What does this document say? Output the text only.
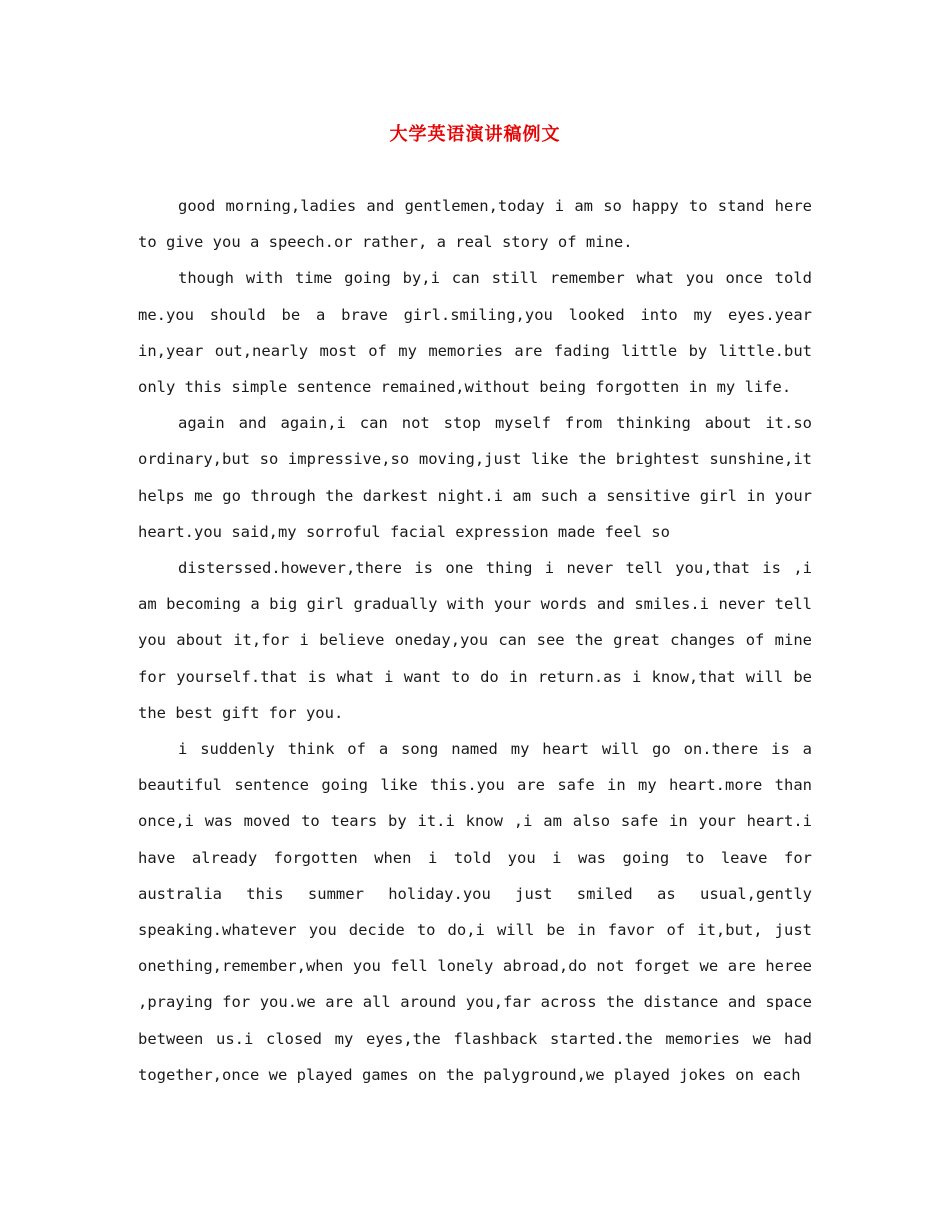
大学英语演讲稿例文

good morning,ladies and gentlemen,today i am so happy to stand here to give you a speech.or rather, a real story of mine.

though with time going by,i can still remember what you once told me.you should be a brave girl.smiling,you looked into my eyes.year in,year out,nearly most of my memories are fading little by little.but only this simple sentence remained,without being forgotten in my life.

again and again,i can not stop myself from thinking about it.so ordinary,but so impressive,so moving,just like the brightest sunshine,it helps me go through the darkest night.i am such a sensitive girl in your heart.you said,my sorroful facial expression made feel so

disterssed.however,there is one thing i never tell you,that is ,i am becoming a big girl gradually with your words and smiles.i never tell you about it,for i believe oneday,you can see the great changes of mine for yourself.that is what i want to do in return.as i know,that will be the best gift for you.

i suddenly think of a song named my heart will go on.there is a beautiful sentence going like this.you are safe in my heart.more than once,i was moved to tears by it.i know ,i am also safe in your heart.i have already forgotten when i told you i was going to leave for australia this summer holiday.you just smiled as usual,gently speaking.whatever you decide to do,i will be in favor of it,but, just onething,remember,when you fell lonely abroad,do not forget we are heree ,praying for you.we are all around you,far across the distance and space between us.i closed my eyes,the flashback started.the memories we had together,once we played games on the palyground,we played jokes on each
